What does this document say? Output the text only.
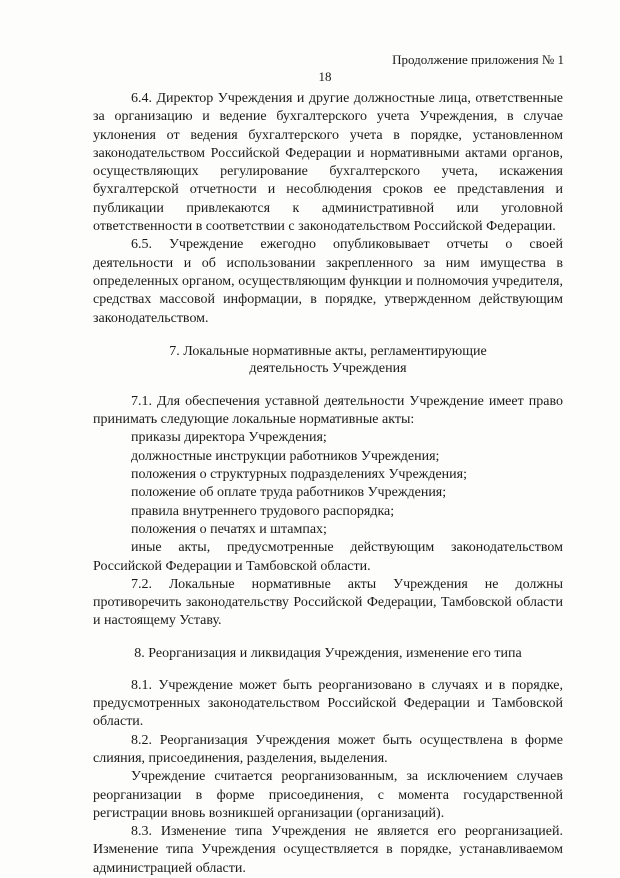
Продолжение приложения № 1
18

6.4. Директор Учреждения и другие должностные лица, ответственные за организацию и ведение бухгалтерского учета Учреждения, в случае уклонения от ведения бухгалтерского учета в порядке, установленном законодательством Российской Федерации и нормативными актами органов, осуществляющих регулирование бухгалтерского учета, искажения бухгалтерской отчетности и несоблюдения сроков ее представления и публикации привлекаются к административной или уголовной ответственности в соответствии с законодательством Российской Федерации.

6.5. Учреждение ежегодно опубликовывает отчеты о своей деятельности и об использовании закрепленного за ним имущества в определенных органом, осуществляющим функции и полномочия учредителя, средствах массовой информации, в порядке, утвержденном действующим законодательством.

7. Локальные нормативные акты, регламентирующие
деятельность Учреждения

7.1. Для обеспечения уставной деятельности Учреждение имеет право принимать следующие локальные нормативные акты:

приказы директора Учреждения;
должностные инструкции работников Учреждения;
положения о структурных подразделениях Учреждения;
положение об оплате труда работников Учреждения;
правила внутреннего трудового распорядка;
положения о печатях и штампах;
иные акты, предусмотренные действующим законодательством Российской Федерации и Тамбовской области.

7.2. Локальные нормативные акты Учреждения не должны противоречить законодательству Российской Федерации, Тамбовской области и настоящему Уставу.

8. Реорганизация и ликвидация Учреждения, изменение его типа

8.1. Учреждение может быть реорганизовано в случаях и в порядке, предусмотренных законодательством Российской Федерации и Тамбовской области.

8.2. Реорганизация Учреждения может быть осуществлена в форме слияния, присоединения, разделения, выделения.

Учреждение считается реорганизованным, за исключением случаев реорганизации в форме присоединения, с момента государственной регистрации вновь возникшей организации (организаций).

8.3. Изменение типа Учреждения не является его реорганизацией. Изменение типа Учреждения осуществляется в порядке, устанавливаемом администрацией области.
